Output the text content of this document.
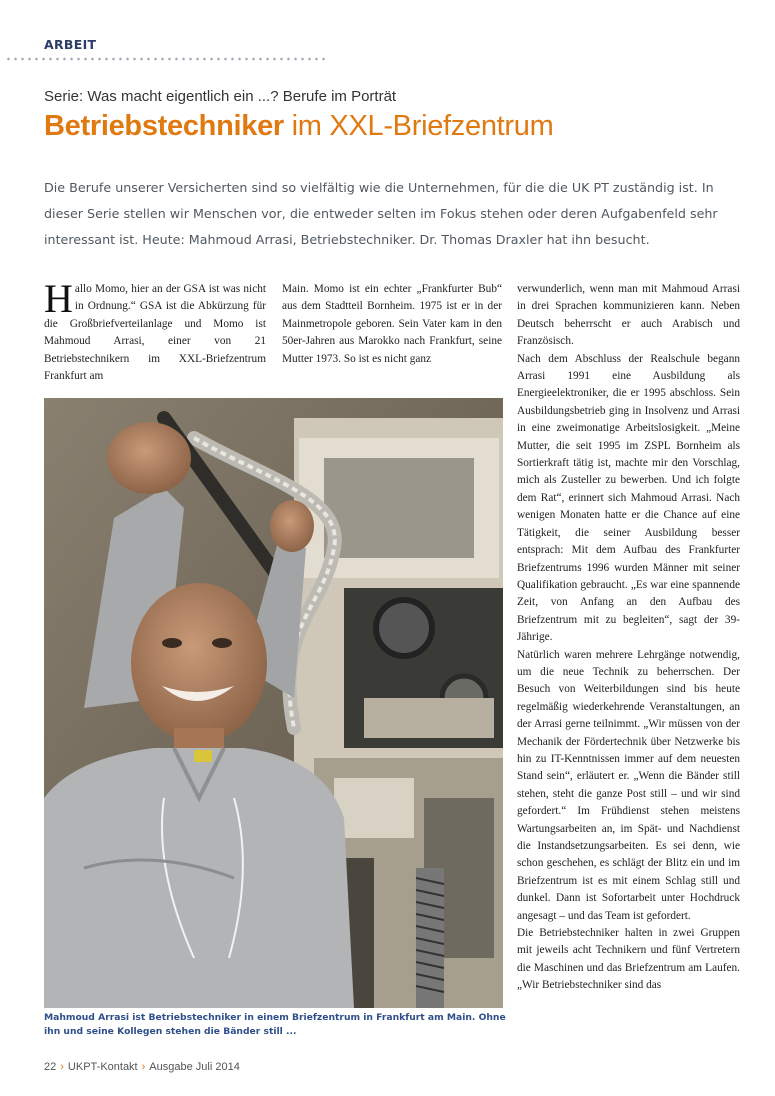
ARBEIT
Serie: Was macht eigentlich ein ...? Berufe im Porträt
Betriebstechniker im XXL-Briefzentrum

Die Berufe unserer Versicherten sind so vielfältig wie die Unternehmen, für die die UK PT zuständig ist. In dieser Serie stellen wir Menschen vor, die entweder selten im Fokus stehen oder deren Aufgabenfeld sehr interessant ist. Heute: Mahmoud Arrasi, Betriebstechniker. Dr. Thomas Draxler hat ihn besucht.

Hallo Momo, hier an der GSA ist was nicht in Ordnung.“ GSA ist die Abkürzung für die Großbriefverteilanlage und Momo ist Mahmoud Arrasi, einer von 21 Betriebstechnikern im XXL-Briefzentrum Frankfurt am
Main. Momo ist ein echter „Frankfurter Bub“ aus dem Stadtteil Bornheim. 1975 ist er in der Mainmetropole geboren. Sein Vater kam in den 50er-Jahren aus Marokko nach Frankfurt, seine Mutter 1973. So ist es nicht ganz

verwunderlich, wenn man mit Mahmoud Arrasi in drei Sprachen kommunizieren kann. Neben Deutsch beherrscht er auch Arabisch und Französisch.

Nach dem Abschluss der Realschule begann Arrasi 1991 eine Ausbildung als Energieelektroniker, die er 1995 abschloss. Sein Ausbildungsbetrieb ging in Insolvenz und Arrasi in eine zweimonatige Arbeitslosigkeit. „Meine Mutter, die seit 1995 im ZSPL Bornheim als Sortierkraft tätig ist, machte mir den Vorschlag, mich als Zusteller zu bewerben. Und ich folgte dem Rat“, erinnert sich Mahmoud Arrasi. Nach wenigen Monaten hatte er die Chance auf eine Tätigkeit, die seiner Ausbildung besser entsprach: Mit dem Aufbau des Frankfurter Briefzentrums 1996 wurden Männer mit seiner Qualifikation gebraucht. „Es war eine spannende Zeit, von Anfang an den Aufbau des Briefzentrum mit zu begleiten“, sagt der 39-Jährige.

Natürlich waren mehrere Lehrgänge notwendig, um die neue Technik zu beherrschen. Der Besuch von Weiterbildungen sind bis heute regelmäßig wiederkehrende Veranstaltungen, an der Arrasi gerne teilnimmt. „Wir müssen von der Mechanik der Fördertechnik über Netzwerke bis hin zu IT-Kenntnissen immer auf dem neuesten Stand sein“, erläutert er. „Wenn die Bänder still stehen, steht die ganze Post still – und wir sind gefordert.“ Im Frühdienst stehen meistens Wartungsarbeiten an, im Spät- und Nachdienst die Instandsetzungsarbeiten. Es sei denn, wie schon geschehen, es schlägt der Blitz ein und im Briefzentrum ist es mit einem Schlag still und dunkel. Dann ist Sofortarbeit unter Hochdruck angesagt – und das Team ist gefordert.

Die Betriebstechniker halten in zwei Gruppen mit jeweils acht Technikern und fünf Vertretern die Maschinen und das Briefzentrum am Laufen. „Wir Betriebstechniker sind das

Mahmoud Arrasi ist Betriebstechniker in einem Briefzentrum in Frankfurt am Main. Ohne ihn und seine Kollegen stehen die Bänder still ...

22 › UKPT-Kontakt › Ausgabe Juli 2014
